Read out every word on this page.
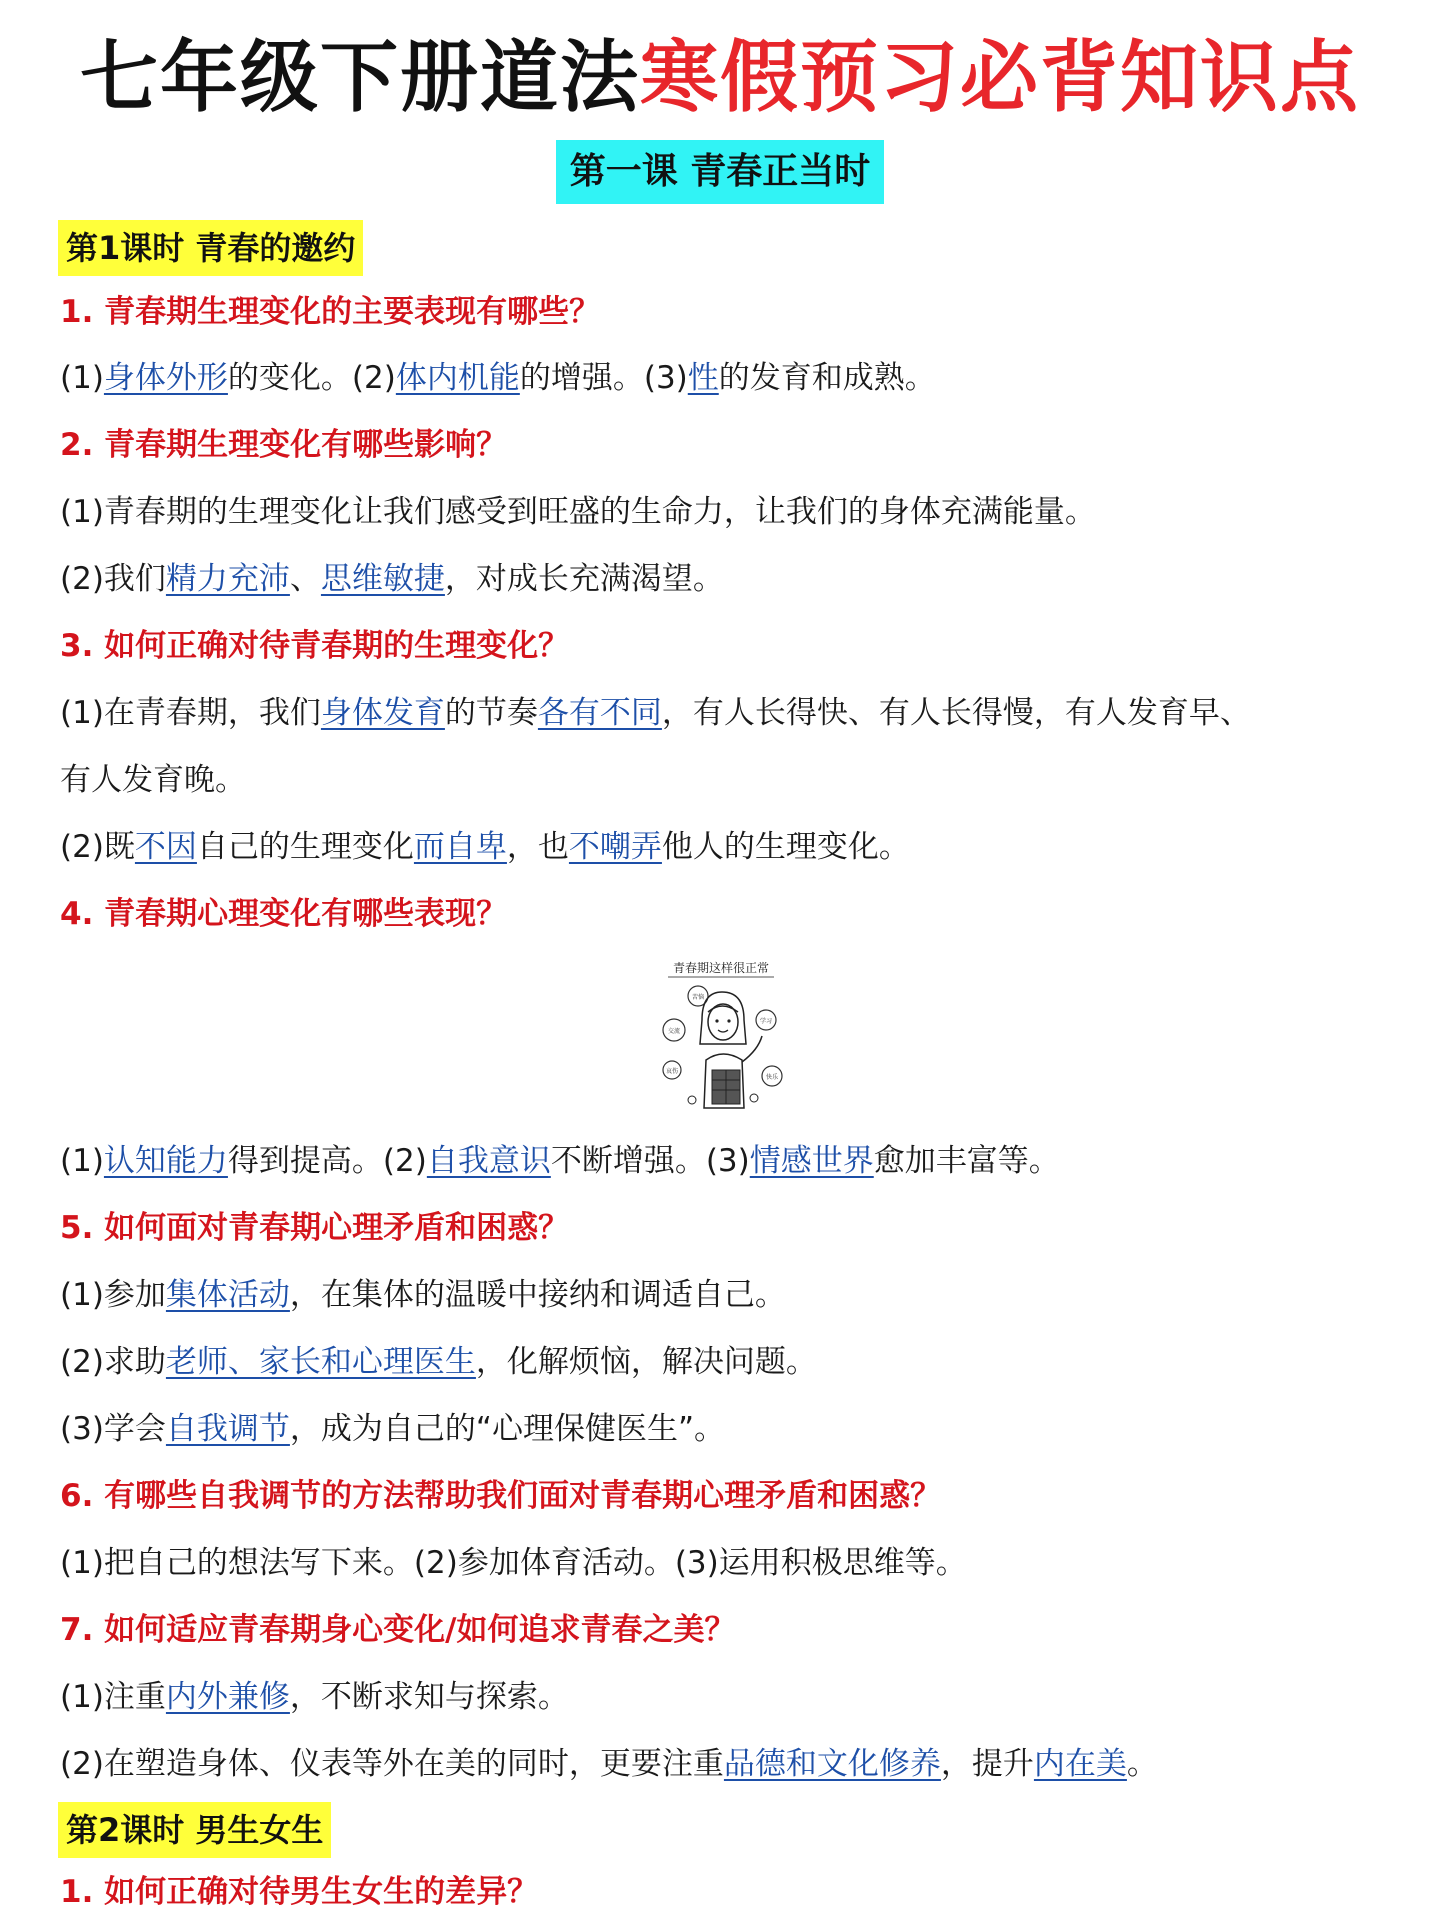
七年级下册道法寒假预习必背知识点
第一课 青春正当时
第1课时 青春的邀约
1. 青春期生理变化的主要表现有哪些？
(1)身体外形的变化。(2)体内机能的增强。(3)性的发育和成熟。
2. 青春期生理变化有哪些影响？
(1)青春期的生理变化让我们感受到旺盛的生命力，让我们的身体充满能量。
(2)我们精力充沛、思维敏捷，对成长充满渴望。
3. 如何正确对待青春期的生理变化？
(1)在青春期，我们身体发育的节奏各有不同，有人长得快、有人长得慢，有人发育早、
有人发育晚。
(2)既不因自己的生理变化而自卑，也不嘲弄他人的生理变化。
4. 青春期心理变化有哪些表现？
青春期这样很正常
苦恼
交流
学习
哀伤
快乐
(1)认知能力得到提高。(2)自我意识不断增强。(3)情感世界愈加丰富等。
5. 如何面对青春期心理矛盾和困惑？
(1)参加集体活动，在集体的温暖中接纳和调适自己。
(2)求助老师、家长和心理医生，化解烦恼，解决问题。
(3)学会自我调节，成为自己的“心理保健医生”。
6. 有哪些自我调节的方法帮助我们面对青春期心理矛盾和困惑？
(1)把自己的想法写下来。(2)参加体育活动。(3)运用积极思维等。
7. 如何适应青春期身心变化/如何追求青春之美？
(1)注重内外兼修，不断求知与探索。
(2)在塑造身体、仪表等外在美的同时，更要注重品德和文化修养，提升内在美。
第2课时 男生女生
1. 如何正确对待男生女生的差异？
